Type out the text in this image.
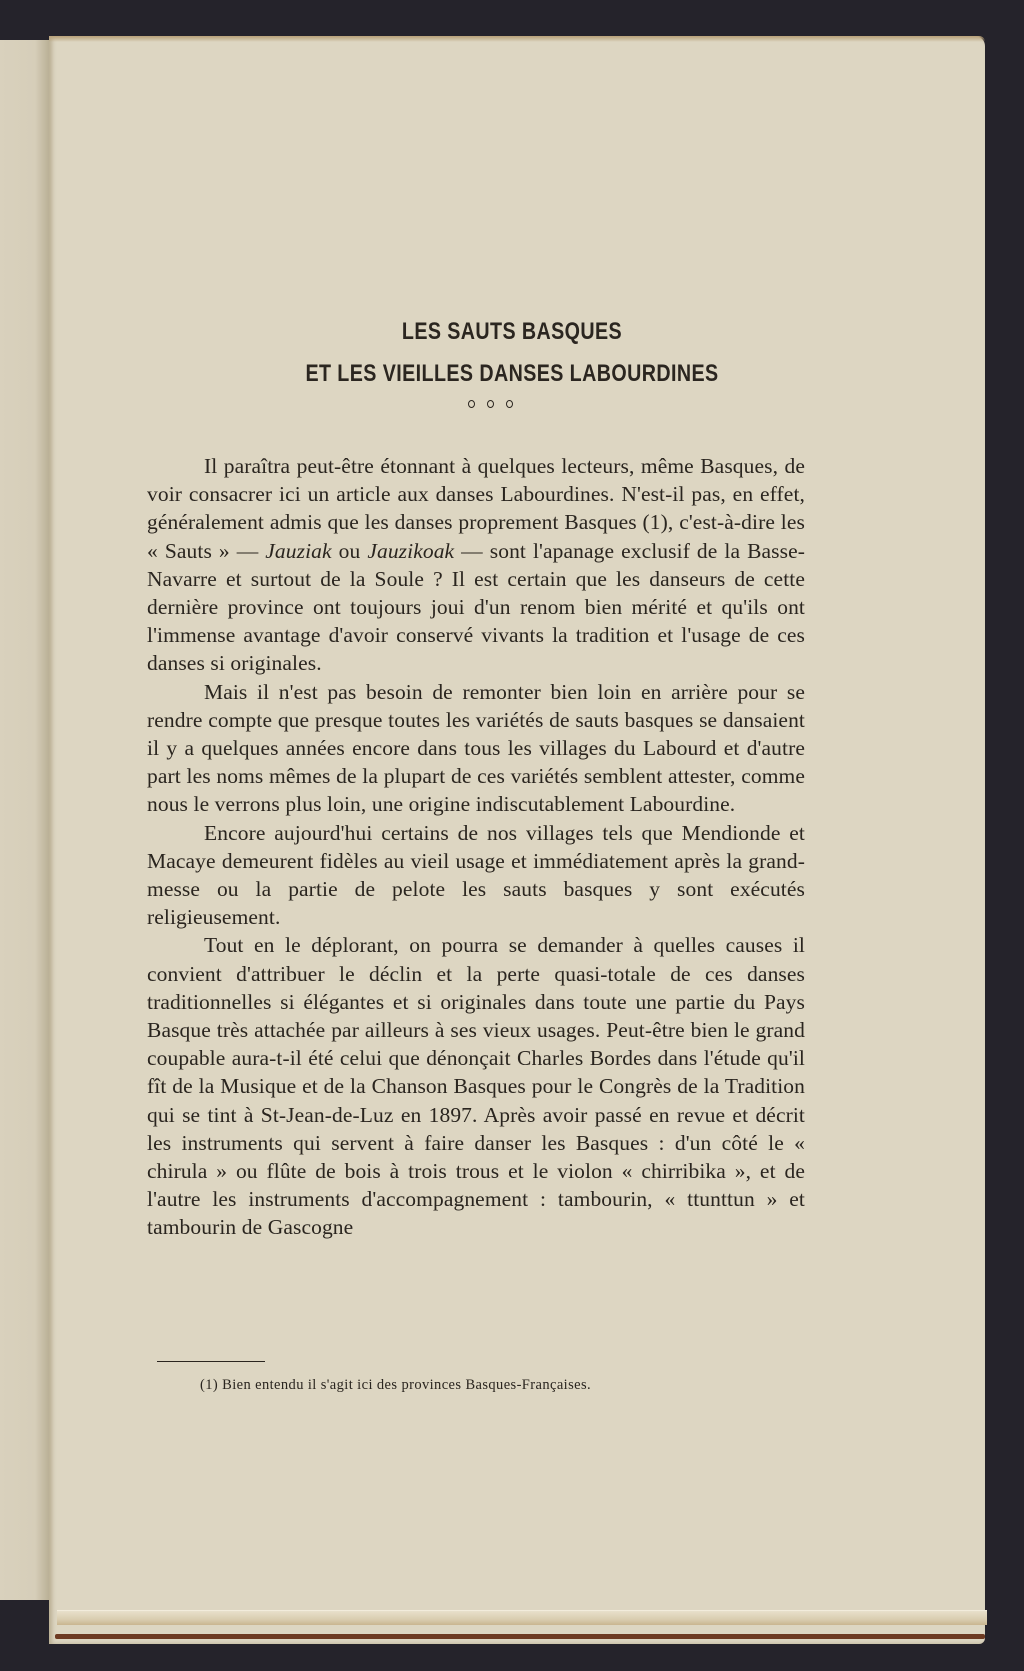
LES SAUTS BASQUES
ET LES VIEILLES DANSES LABOURDINES

Il paraîtra peut-être étonnant à quelques lecteurs, même Basques, de voir consacrer ici un article aux danses Labourdines. N'est-il pas, en effet, généralement admis que les danses proprement Basques (1), c'est-à-dire les « Sauts » — Jauziak ou Jauzikoak — sont l'apanage exclusif de la Basse-Navarre et surtout de la Soule ? Il est certain que les danseurs de cette dernière province ont toujours joui d'un renom bien mérité et qu'ils ont l'immense avantage d'avoir conservé vivants la tradition et l'usage de ces danses si originales.

Mais il n'est pas besoin de remonter bien loin en arrière pour se rendre compte que presque toutes les variétés de sauts basques se dansaient il y a quelques années encore dans tous les villages du Labourd et d'autre part les noms mêmes de la plupart de ces variétés semblent attester, comme nous le verrons plus loin, une origine indiscutablement Labourdine.

Encore aujourd'hui certains de nos villages tels que Mendionde et Macaye demeurent fidèles au vieil usage et immédiatement après la grand-messe ou la partie de pelote les sauts basques y sont exécutés religieusement.

Tout en le déplorant, on pourra se demander à quelles causes il convient d'attribuer le déclin et la perte quasi-totale de ces danses traditionnelles si élégantes et si originales dans toute une partie du Pays Basque très attachée par ailleurs à ses vieux usages. Peut-être bien le grand coupable aura-t-il été celui que dénonçait Charles Bordes dans l'étude qu'il fît de la Musique et de la Chanson Basques pour le Congrès de la Tradition qui se tint à St-Jean-de-Luz en 1897. Après avoir passé en revue et décrit les instruments qui servent à faire danser les Basques : d'un côté le « chirula » ou flûte de bois à trois trous et le violon « chirribika », et de l'autre les instruments d'accompagnement : tambourin, « ttunttun » et tambourin de Gascogne

(1) Bien entendu il s'agit ici des provinces Basques-Françaises.
